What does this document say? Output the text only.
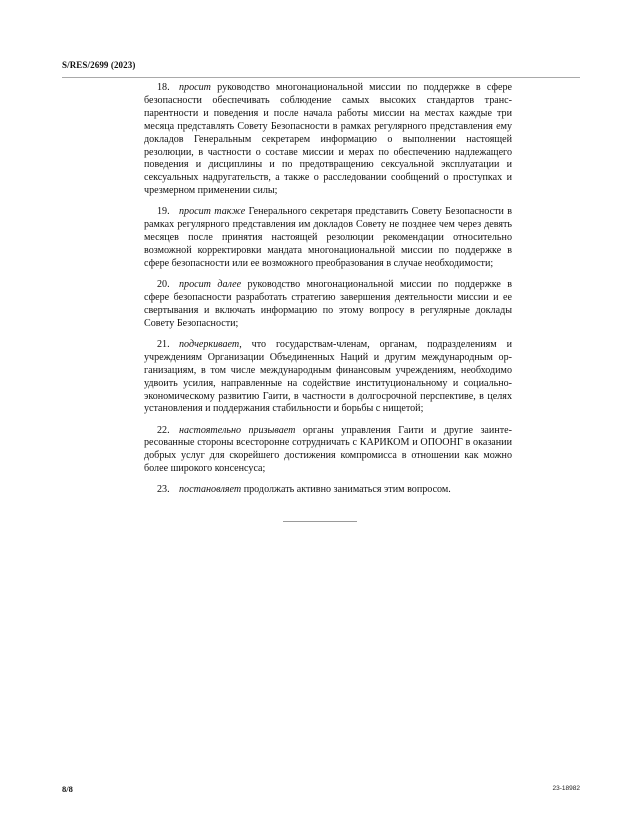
S/RES/2699 (2023)

18. просит руководство многонациональной миссии по поддержке в сфере безопасности обеспечивать соблюдение самых высоких стандартов транспарентности и поведения и после начала работы миссии на местах каждые три месяца представлять Совету Безопасности в рамках регулярного представления ему докладов Генеральным секретарем информацию о выполнении настоящей резолюции, в частности о составе миссии и мерах по обеспечению надлежащего поведения и дисциплины и по предотвращению сексуальной эксплуатации и сексуальных надругательств, а также о расследовании сообщений о проступках и чрезмерном применении силы;

19. просит также Генерального секретаря представить Совету Безопасности в рамках регулярного представления им докладов Совету не позднее чем через девять месяцев после принятия настоящей резолюции рекомендации относительно возможной корректировки мандата многонациональной миссии по поддержке в сфере безопасности или ее возможного преобразования в случае необходимости;

20. просит далее руководство многонациональной миссии по поддержке в сфере безопасности разработать стратегию завершения деятельности миссии и ее свертывания и включать информацию по этому вопросу в регулярные доклады Совету Безопасности;

21. подчеркивает, что государствам-членам, органам, подразделениям и учреждениям Организации Объединенных Наций и другим международным организациям, в том числе международным финансовым учреждениям, необходимо удвоить усилия, направленные на содействие институциональному и социально-экономическому развитию Гаити, в частности в долгосрочной перспективе, в целях установления и поддержания стабильности и борьбы с нищетой;

22. настоятельно призывает органы управления Гаити и другие заинтересованные стороны всесторонне сотрудничать с КАРИКОМ и ОПООНГ в оказании добрых услуг для скорейшего достижения компромисса в отношении как можно более широкого консенсуса;

23. постановляет продолжать активно заниматься этим вопросом.

8/8	23-18982
